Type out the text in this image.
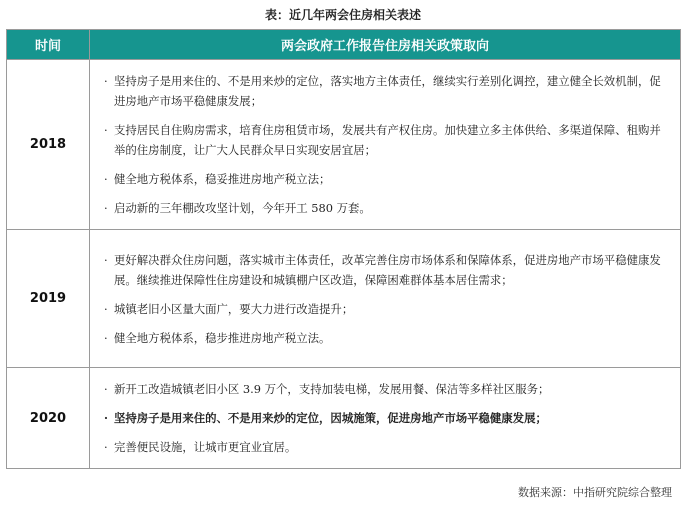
表：近几年两会住房相关表述
时间	两会政府工作报告住房相关政策取向
2018	· 坚持房子是用来住的、不是用来炒的定位，落实地方主体责任，继续实行差别化调控，建立健全长效机制，促进房地产市场平稳健康发展；
· 支持居民自住购房需求，培育住房租赁市场，发展共有产权住房。加快建立多主体供给、多渠道保障、租购并举的住房制度，让广大人民群众早日实现安居宜居；
· 健全地方税体系，稳妥推进房地产税立法；
· 启动新的三年棚改攻坚计划，今年开工 580 万套。

2019	· 更好解决群众住房问题，落实城市主体责任，改革完善住房市场体系和保障体系，促进房地产市场平稳健康发展。继续推进保障性住房建设和城镇棚户区改造，保障困难群体基本居住需求；
· 城镇老旧小区量大面广，要大力进行改造提升；
· 健全地方税体系，稳步推进房地产税立法。

2020	· 新开工改造城镇老旧小区 3.9 万个，支持加装电梯，发展用餐、保洁等多样社区服务；
· 坚持房子是用来住的、不是用来炒的定位，因城施策，促进房地产市场平稳健康发展；
· 完善便民设施，让城市更宜业宜居。
数据来源：中指研究院综合整理
